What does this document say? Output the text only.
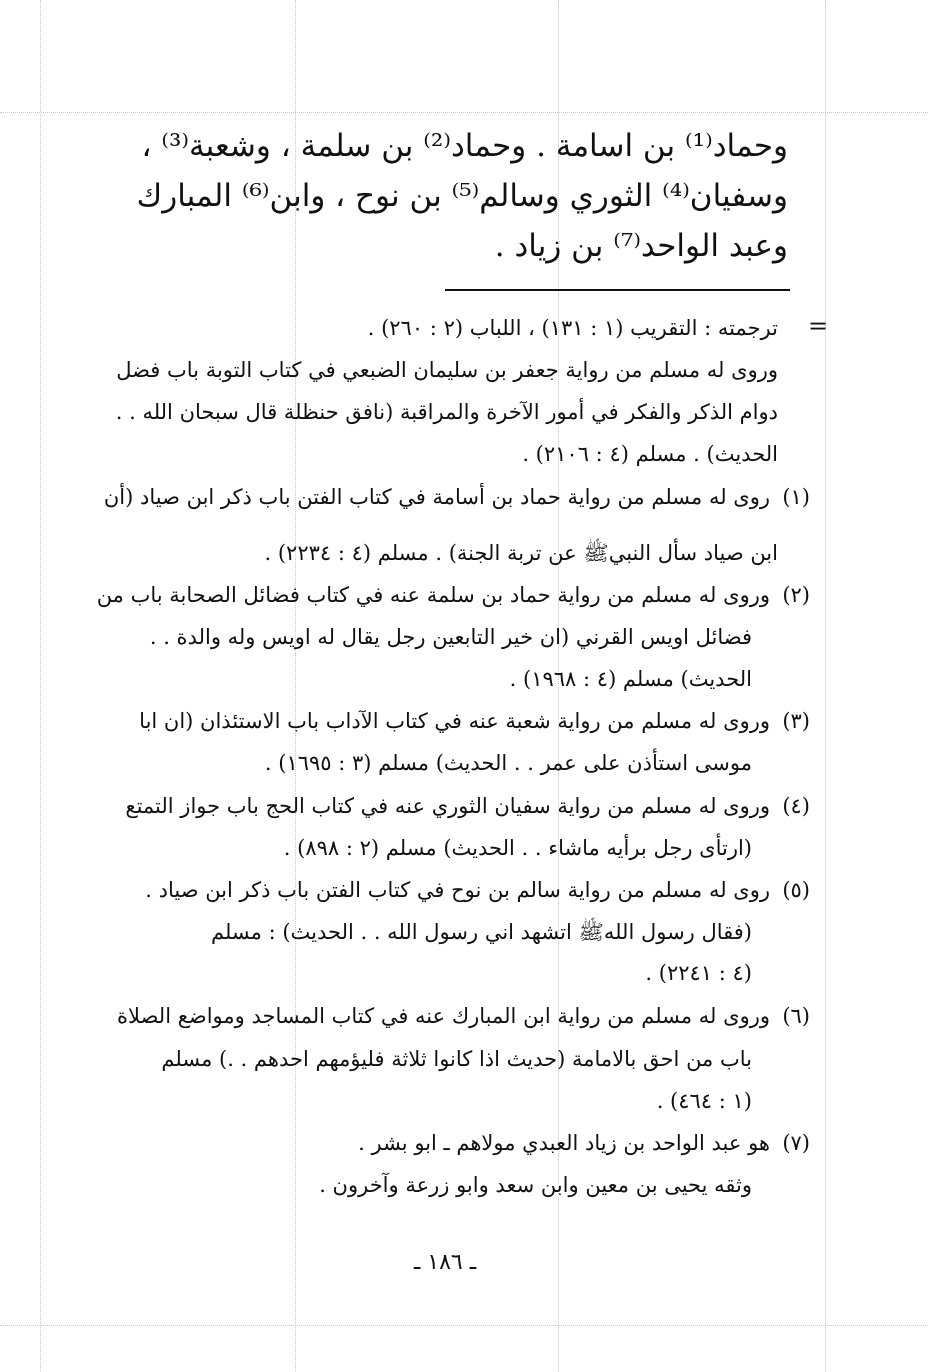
وحماد⁽¹⁾ بن اسامة . وحماد⁽²⁾ بن سلمة ، وشعبة⁽³⁾ ،
وسفيان⁽⁴⁾ الثوري وسالم⁽⁵⁾ بن نوح ، وابن⁽⁶⁾ المبارك
وعبد الواحد⁽⁷⁾ بن زياد .
=
ترجمته : التقريب (١ : ١٣١) ، اللباب (٢ : ٢٦٠) .
وروى له مسلم من رواية جعفر بن سليمان الضبعي في كتاب التوبة باب فضل
دوام الذكر والفكر في أمور الآخرة والمراقبة (نافق حنظلة قال سبحان الله . .
الحديث) . مسلم (٤ : ٢١٠٦) .
(١)
روى له مسلم من رواية حماد بن أسامة في كتاب الفتن باب ذكر ابن صياد (أن
ابن صياد سأل النبيﷺ عن تربة الجنة) . مسلم (٤ : ٢٢٣٤) .
(٢)
وروى له مسلم من رواية حماد بن سلمة عنه في كتاب فضائل الصحابة باب من
فضائل اويس القرني (ان خير التابعين رجل يقال له اويس وله والدة . .
الحديث) مسلم (٤ : ١٩٦٨) .
(٣)
وروى له مسلم من رواية شعبة عنه في كتاب الآداب باب الاستئذان (ان ابا
موسى استأذن على عمر . . الحديث) مسلم (٣ : ١٦٩٥) .
(٤)
وروى له مسلم من رواية سفيان الثوري عنه في كتاب الحج باب جواز التمتع
(ارتأى رجل برأيه ماشاء . . الحديث) مسلم (٢ : ٨٩٨) .
(٥)
روى له مسلم من رواية سالم بن نوح في كتاب الفتن باب ذكر ابن صياد .
(فقال رسول اللهﷺ اتشهد اني رسول الله . . الحديث) : مسلم
(٤ : ٢٢٤١) .
(٦)
وروى له مسلم من رواية ابن المبارك عنه في كتاب المساجد ومواضع الصلاة
باب من احق بالامامة (حديث اذا كانوا ثلاثة فليؤمهم احدهم . .) مسلم
(١ : ٤٦٤) .
(٧)
هو عبد الواحد بن زياد العبدي مولاهم ـ ابو بشر .
وثقه يحيى بن معين وابن سعد وابو زرعة وآخرون .
ـ ١٨٦ ـ
